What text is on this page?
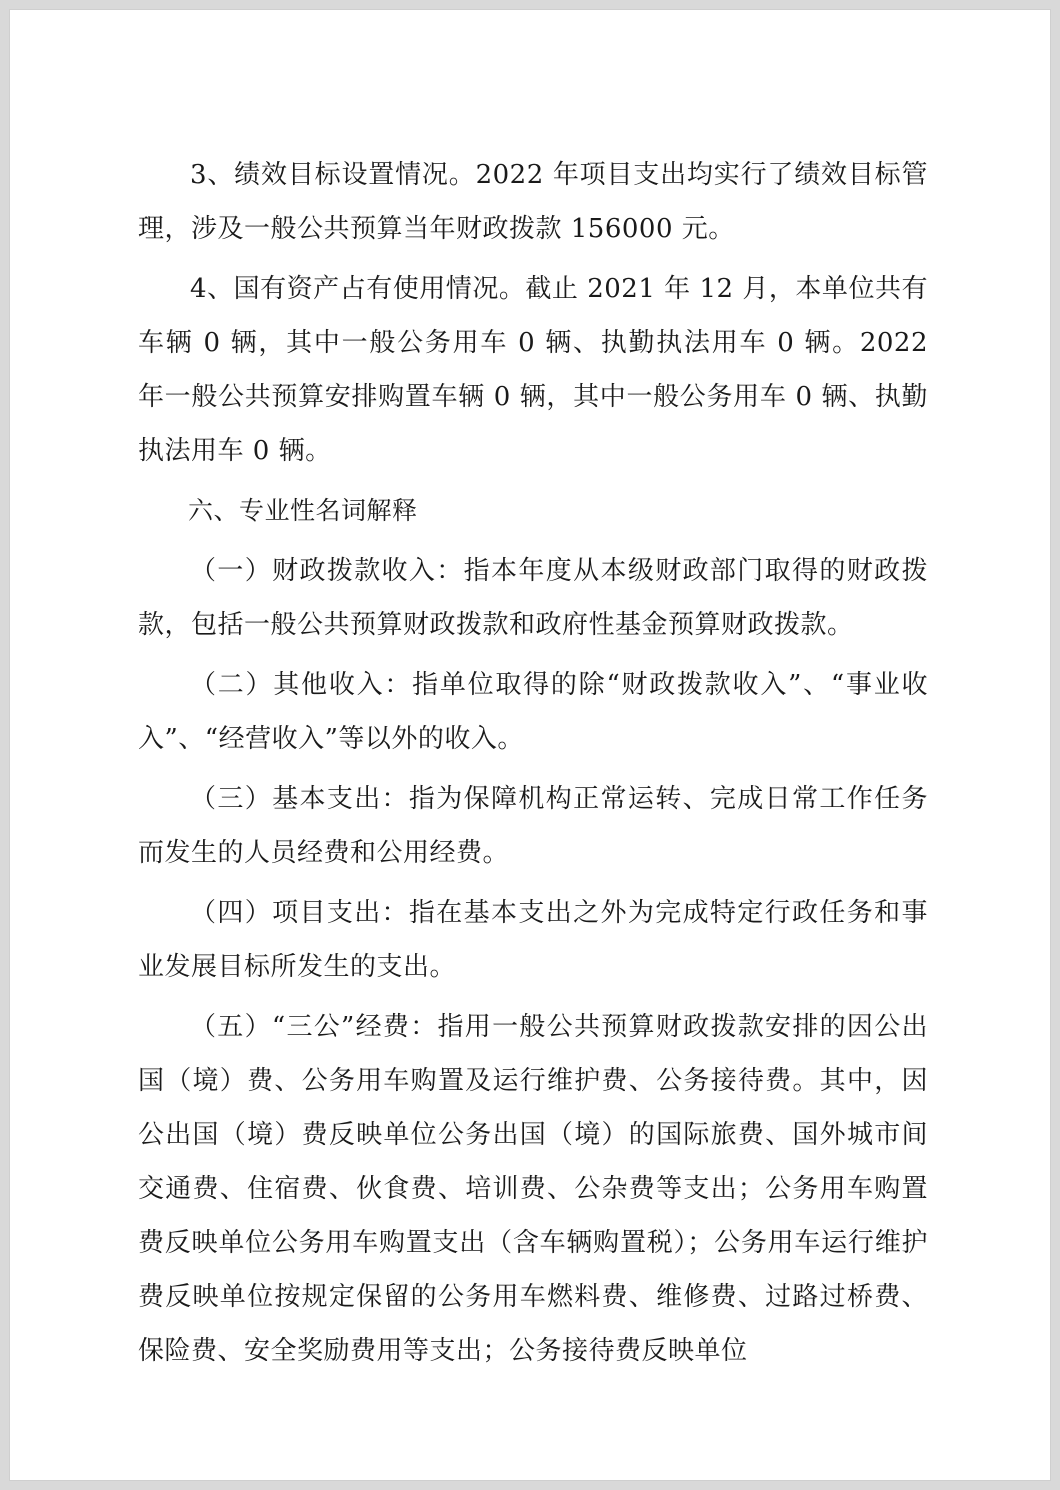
3、绩效目标设置情况。2022 年项目支出均实行了绩效目标管理，涉及一般公共预算当年财政拨款 156000 元。

4、国有资产占有使用情况。截止 2021 年 12 月，本单位共有车辆 0 辆，其中一般公务用车 0 辆、执勤执法用车 0 辆。2022 年一般公共预算安排购置车辆 0 辆，其中一般公务用车 0 辆、执勤执法用车 0 辆。

六、专业性名词解释

（一）财政拨款收入：指本年度从本级财政部门取得的财政拨款，包括一般公共预算财政拨款和政府性基金预算财政拨款。

（二）其他收入：指单位取得的除“财政拨款收入”、“事业收入”、“经营收入”等以外的收入。

（三）基本支出：指为保障机构正常运转、完成日常工作任务而发生的人员经费和公用经费。

（四）项目支出：指在基本支出之外为完成特定行政任务和事业发展目标所发生的支出。

（五）“三公”经费：指用一般公共预算财政拨款安排的因公出国（境）费、公务用车购置及运行维护费、公务接待费。其中，因公出国（境）费反映单位公务出国（境）的国际旅费、国外城市间交通费、住宿费、伙食费、培训费、公杂费等支出；公务用车购置费反映单位公务用车购置支出（含车辆购置税）；公务用车运行维护费反映单位按规定保留的公务用车燃料费、维修费、过路过桥费、保险费、安全奖励费用等支出；公务接待费反映单位
